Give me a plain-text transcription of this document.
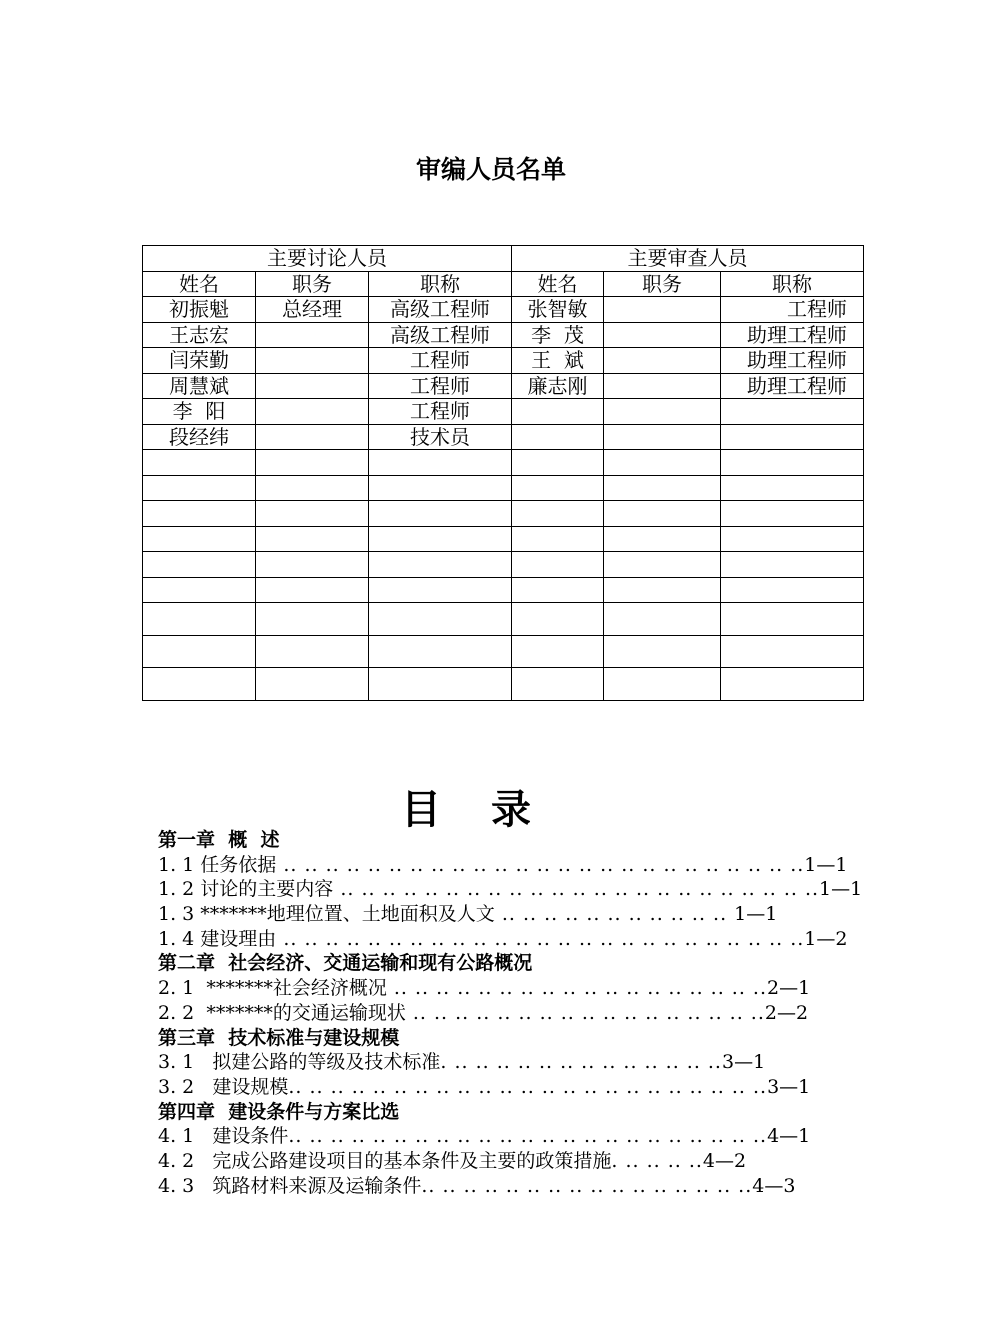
审编人员名单
主要讨论人员			主要审查人员		
姓名	职务	职称	姓名	职务	职称
初振魁	总经理	高级工程师	张智敏		工程师
王志宏		高级工程师	李  茂		助理工程师
闫荣勤		工程师	王  斌		助理工程师
周慧斌		工程师	廉志刚		助理工程师
李  阳		工程师			
段经纬		技术员			

目录
第一章  概  述
1. 1 任务依据 .. .. .. .. .. .. .. .. .. .. .. .. .. .. .. .. .. .. .. .. .. .. .. .. ..1—1
1. 2 讨论的主要内容 .. .. .. .. .. .. .. .. .. .. .. .. .. .. .. .. .. .. .. .. .. .. ..1—1
1. 3 *******地理位置、土地面积及人文 .. .. .. .. .. .. .. .. .. .. .. 1—1
1. 4 建设理由 .. .. .. .. .. .. .. .. .. .. .. .. .. .. .. .. .. .. .. .. .. .. .. .. ..1—2
第二章  社会经济、交通运输和现有公路概况
2. 1  *******社会经济概况 .. .. .. .. .. .. .. .. .. .. .. .. .. .. .. .. .. ..2—1
2. 2  *******的交通运输现状 .. .. .. .. .. .. .. .. .. .. .. .. .. .. .. .. ..2—2
第三章  技术标准与建设规模
3. 1   拟建公路的等级及技术标准. .. .. .. .. .. .. .. .. .. .. .. .. ..3—1
3. 2   建设规模.. .. .. .. .. .. .. .. .. .. .. .. .. .. .. .. .. .. .. .. .. .. ..3—1
第四章  建设条件与方案比选
4. 1   建设条件.. .. .. .. .. .. .. .. .. .. .. .. .. .. .. .. .. .. .. .. .. .. ..4—1
4. 2   完成公路建设项目的基本条件及主要的政策措施. .. .. .. ..4—2
4. 3   筑路材料来源及运输条件.. .. .. .. .. .. .. .. .. .. .. .. .. .. .. ..4—3
